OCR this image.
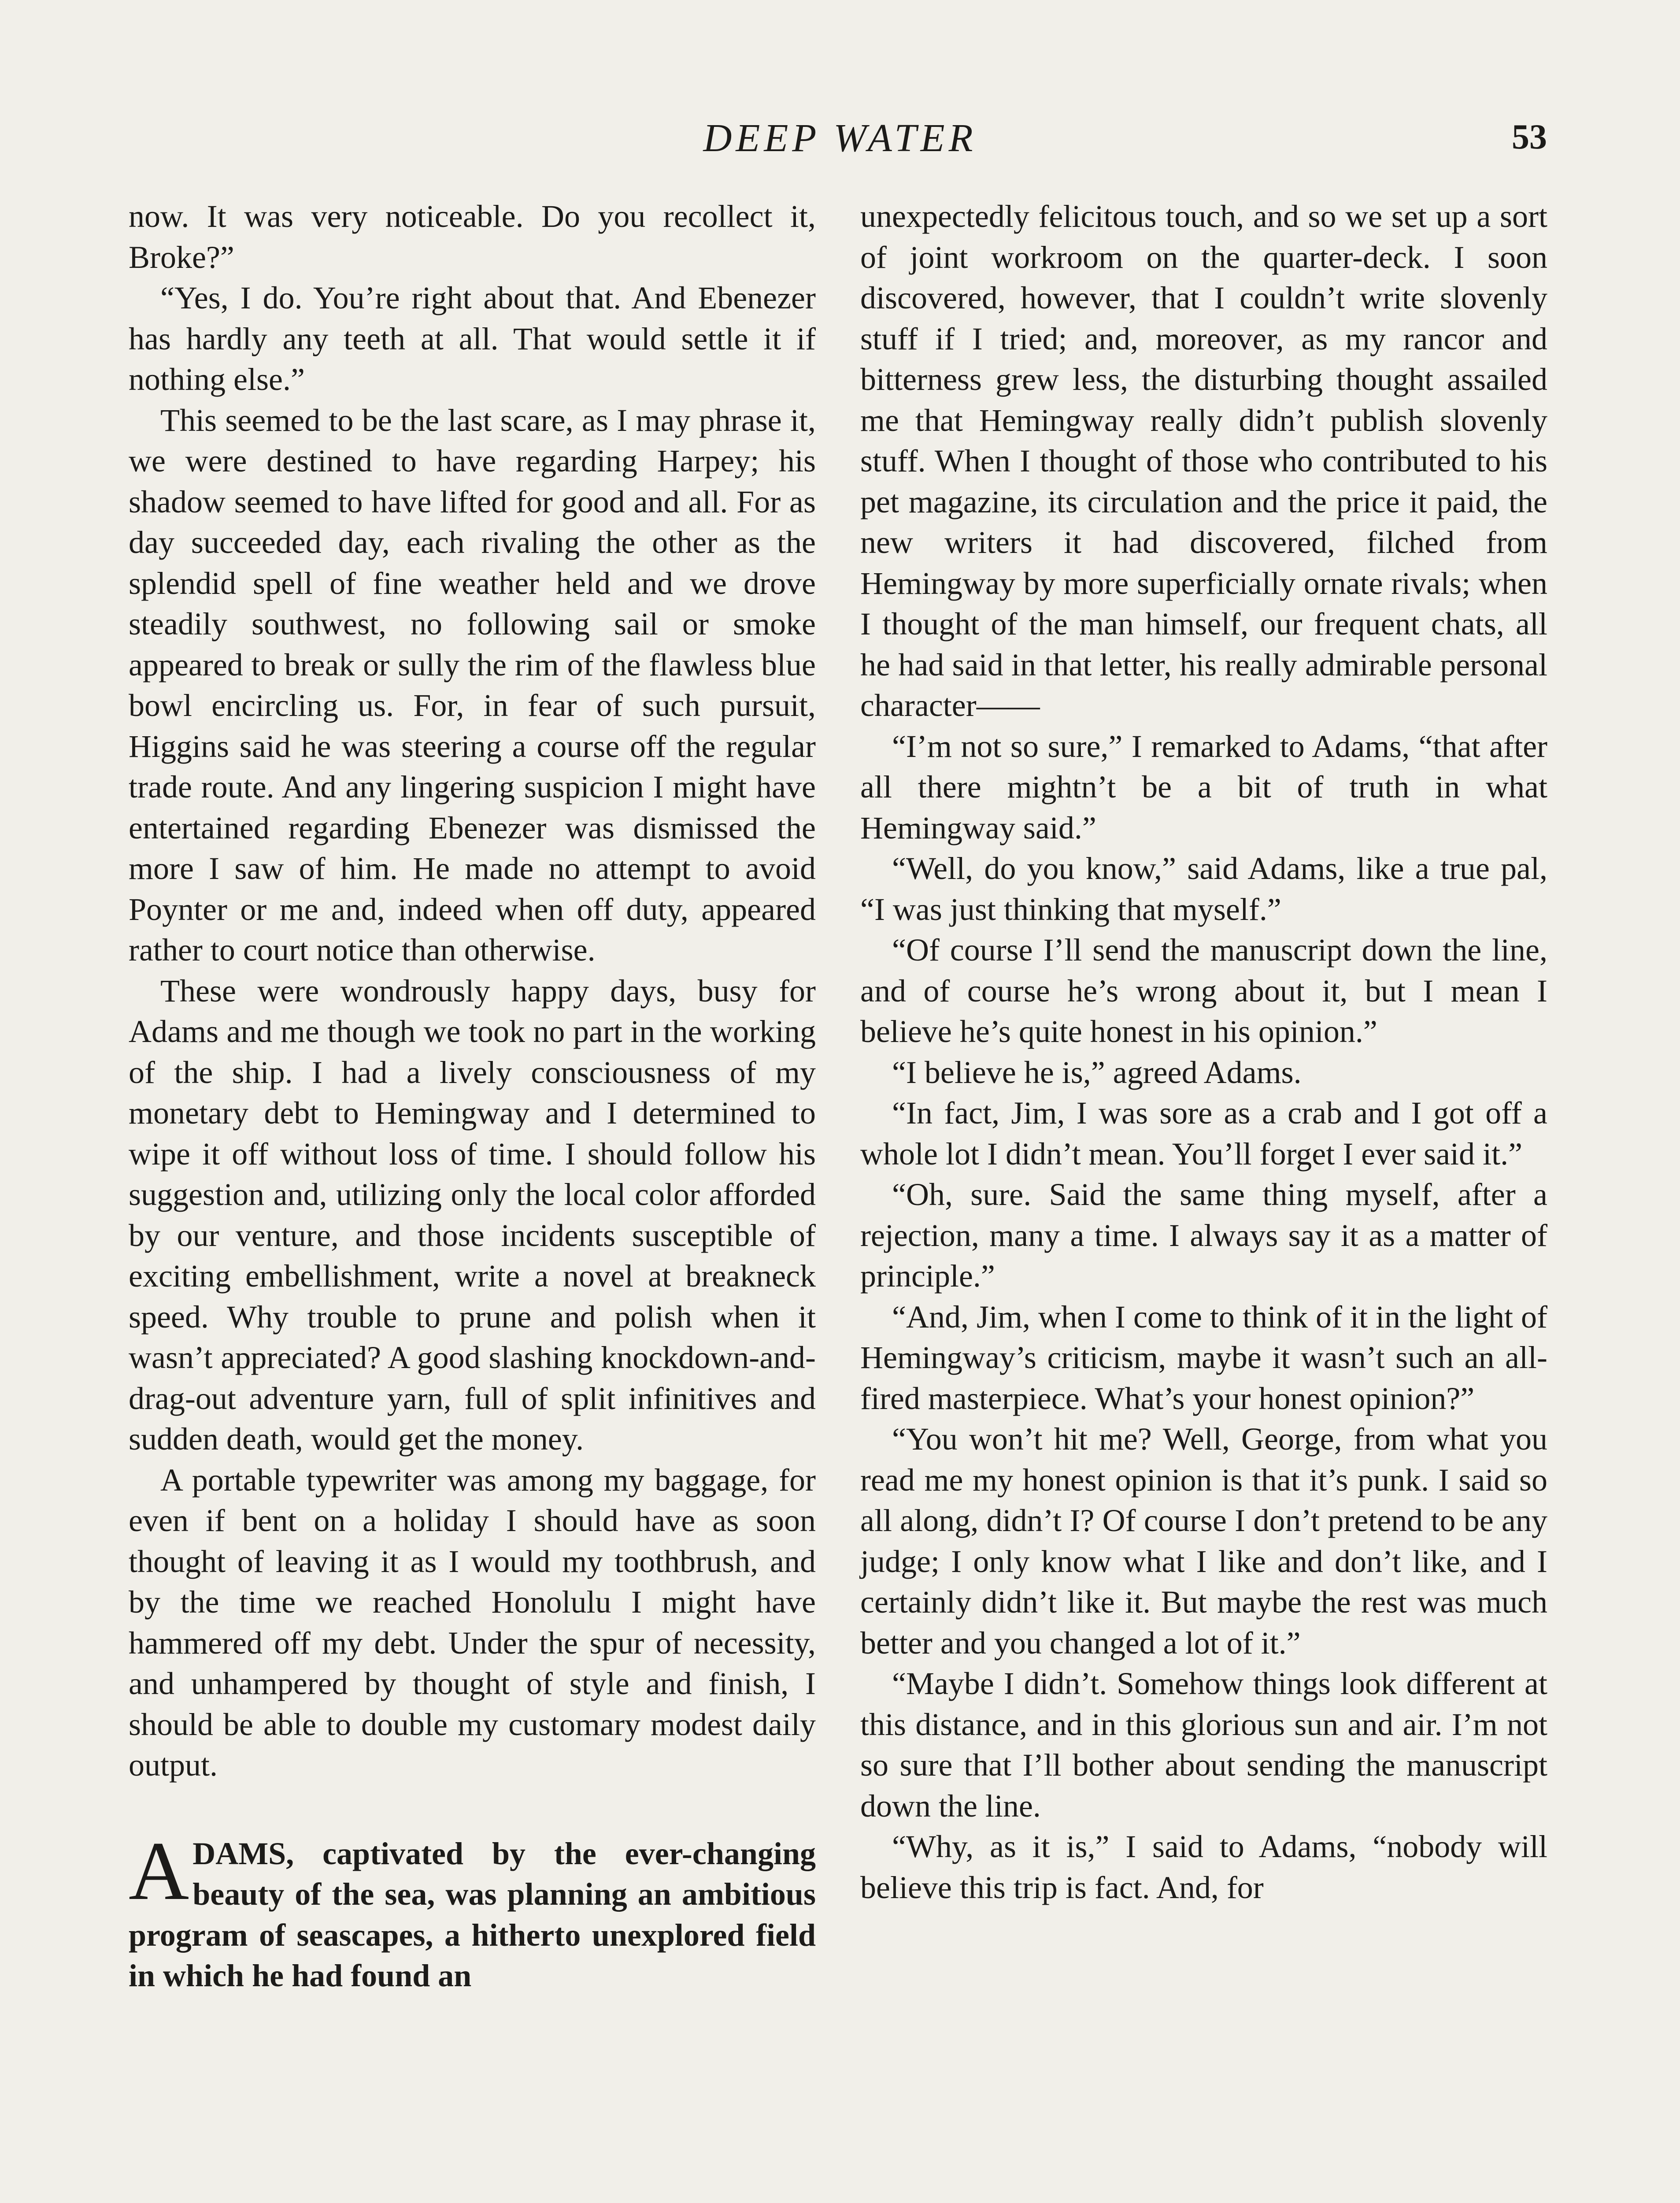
DEEP WATER	53

now. It was very noticeable. Do you recollect it, Broke?”

“Yes, I do. You’re right about that. And Ebenezer has hardly any teeth at all. That would settle it if nothing else.”

This seemed to be the last scare, as I may phrase it, we were destined to have regarding Harpey; his shadow seemed to have lifted for good and all. For as day succeeded day, each rivaling the other as the splendid spell of fine weather held and we drove steadily southwest, no following sail or smoke appeared to break or sully the rim of the flawless blue bowl encircling us. For, in fear of such pursuit, Higgins said he was steering a course off the regular trade route. And any lingering suspicion I might have entertained regarding Ebenezer was dismissed the more I saw of him. He made no attempt to avoid Poynter or me and, indeed when off duty, appeared rather to court notice than otherwise.

These were wondrously happy days, busy for Adams and me though we took no part in the working of the ship. I had a lively consciousness of my monetary debt to Hemingway and I determined to wipe it off without loss of time. I should follow his suggestion and, utilizing only the local color afforded by our venture, and those incidents susceptible of exciting embellishment, write a novel at breakneck speed. Why trouble to prune and polish when it wasn’t appreciated? A good slashing knockdown-and-drag-out adventure yarn, full of split infinitives and sudden death, would get the money.

A portable typewriter was among my baggage, for even if bent on a holiday I should have as soon thought of leaving it as I would my toothbrush, and by the time we reached Honolulu I might have hammered off my debt. Under the spur of necessity, and unhampered by thought of style and finish, I should be able to double my customary modest daily output.

ADAMS, captivated by the ever-changing beauty of the sea, was planning an ambitious program of seascapes, a hitherto unexplored field in which he had found an

unexpectedly felicitous touch, and so we set up a sort of joint workroom on the quarter-deck. I soon discovered, however, that I couldn’t write slovenly stuff if I tried; and, moreover, as my rancor and bitterness grew less, the disturbing thought assailed me that Hemingway really didn’t publish slovenly stuff. When I thought of those who contributed to his pet magazine, its circulation and the price it paid, the new writers it had discovered, filched from Hemingway by more superficially ornate rivals; when I thought of the man himself, our frequent chats, all he had said in that letter, his really admirable personal character——

“I’m not so sure,” I remarked to Adams, “that after all there mightn’t be a bit of truth in what Hemingway said.”

“Well, do you know,” said Adams, like a true pal, “I was just thinking that myself.”

“Of course I’ll send the manuscript down the line, and of course he’s wrong about it, but I mean I believe he’s quite honest in his opinion.”

“I believe he is,” agreed Adams.

“In fact, Jim, I was sore as a crab and I got off a whole lot I didn’t mean. You’ll forget I ever said it.”

“Oh, sure. Said the same thing myself, after a rejection, many a time. I always say it as a matter of principle.”

“And, Jim, when I come to think of it in the light of Hemingway’s criticism, maybe it wasn’t such an all-fired masterpiece. What’s your honest opinion?”

“You won’t hit me? Well, George, from what you read me my honest opinion is that it’s punk. I said so all along, didn’t I? Of course I don’t pretend to be any judge; I only know what I like and don’t like, and I certainly didn’t like it. But maybe the rest was much better and you changed a lot of it.”

“Maybe I didn’t. Somehow things look different at this distance, and in this glorious sun and air. I’m not so sure that I’ll bother about sending the manuscript down the line.

“Why, as it is,” I said to Adams, “nobody will believe this trip is fact. And, for
